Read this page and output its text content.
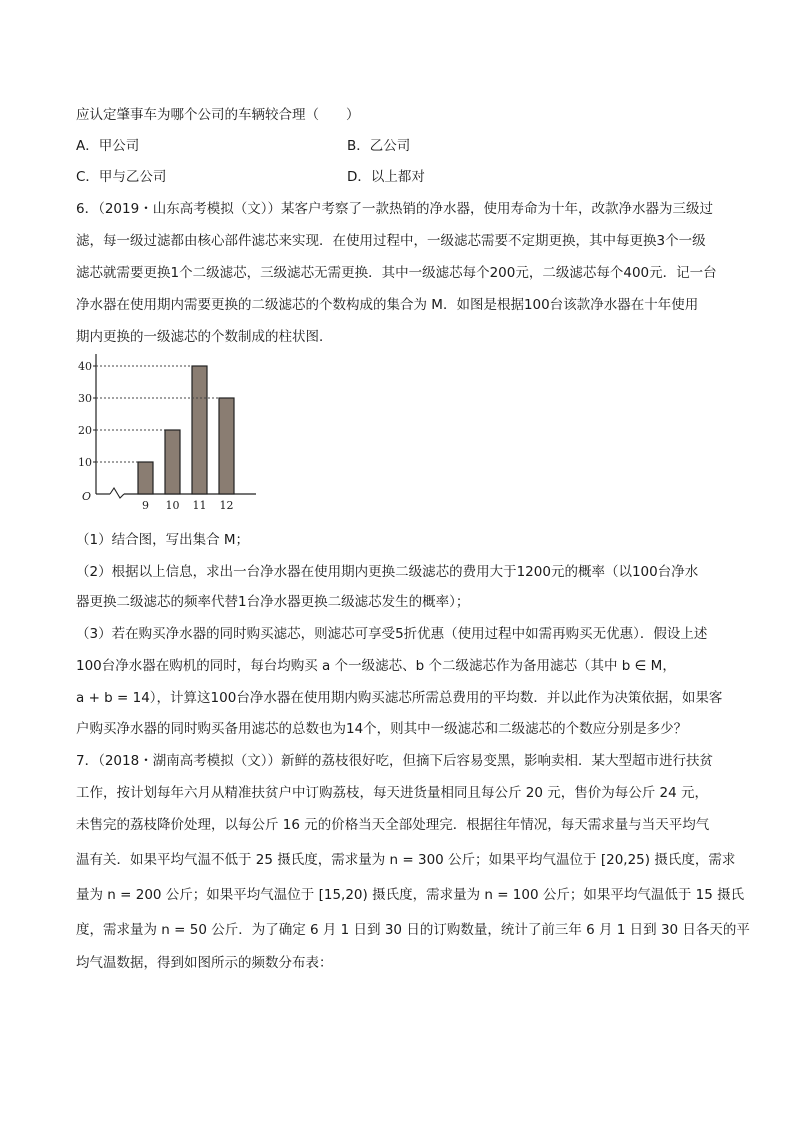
应认定肇事车为哪个公司的车辆较合理（　　）
A．甲公司	B．乙公司
C．甲与乙公司	D．以上都对
6．（2019・山东高考模拟（文））某客户考察了一款热销的净水器，使用寿命为十年，改款净水器为三级过
滤，每一级过滤都由核心部件滤芯来实现．在使用过程中，一级滤芯需要不定期更换，其中每更换3个一级
滤芯就需要更换1个二级滤芯，三级滤芯无需更换．其中一级滤芯每个200元，二级滤芯每个400元．记一台
净水器在使用期内需要更换的二级滤芯的个数构成的集合为 M．如图是根据100台该款净水器在十年使用
期内更换的一级滤芯的个数制成的柱状图．
O
10
20
30
40
9 10 11 12
（1）结合图，写出集合 M；
（2）根据以上信息，求出一台净水器在使用期内更换二级滤芯的费用大于1200元的概率（以100台净水
器更换二级滤芯的频率代替1台净水器更换二级滤芯发生的概率）；
（3）若在购买净水器的同时购买滤芯，则滤芯可享受5折优惠（使用过程中如需再购买无优惠）．假设上述
100台净水器在购机的同时，每台均购买 a 个一级滤芯、b 个二级滤芯作为备用滤芯（其中 b ∈ M，
a + b = 14），计算这100台净水器在使用期内购买滤芯所需总费用的平均数．并以此作为决策依据，如果客
户购买净水器的同时购买备用滤芯的总数也为14个，则其中一级滤芯和二级滤芯的个数应分别是多少？
7．（2018・湖南高考模拟（文））新鲜的荔枝很好吃，但摘下后容易变黑，影响卖相．某大型超市进行扶贫
工作，按计划每年六月从精准扶贫户中订购荔枝，每天进货量相同且每公斤 20 元，售价为每公斤 24 元，
未售完的荔枝降价处理，以每公斤 16 元的价格当天全部处理完．根据往年情况，每天需求量与当天平均气
温有关．如果平均气温不低于 25 摄氏度，需求量为 n = 300 公斤；如果平均气温位于 [20,25) 摄氏度，需求
量为 n = 200 公斤；如果平均气温位于 [15,20) 摄氏度，需求量为 n = 100 公斤；如果平均气温低于 15 摄氏
度，需求量为 n = 50 公斤．为了确定 6 月 1 日到 30 日的订购数量，统计了前三年 6 月 1 日到 30 日各天的平
均气温数据，得到如图所示的频数分布表：
